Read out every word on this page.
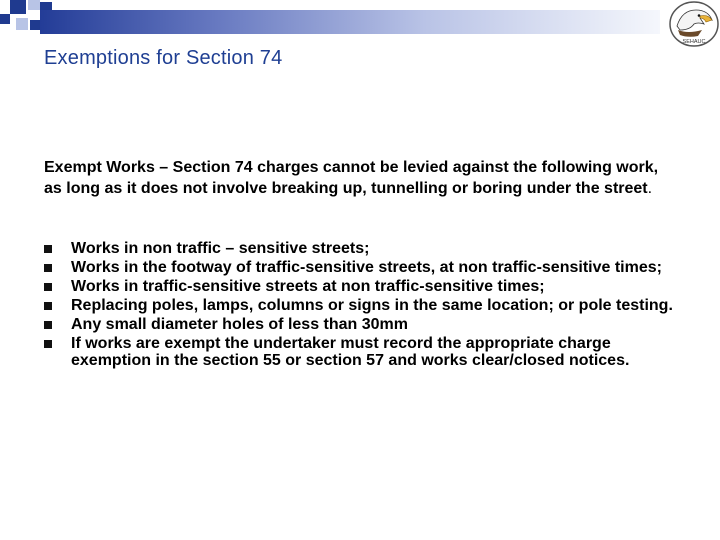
SEHAUC
Exemptions for Section 74

Exempt Works – Section 74 charges cannot be levied against the following work, as long as it does not involve breaking up, tunnelling or boring under the street.

Works in non traffic – sensitive streets;
Works in the footway of traffic-sensitive streets, at non traffic-sensitive times;
Works in traffic-sensitive streets at non traffic-sensitive times;
Replacing poles, lamps, columns or signs in the same location; or pole testing.
Any small diameter holes of less than 30mm
If works are exempt the undertaker must record the appropriate charge exemption in the section 55 or section 57 and works clear/closed notices.
